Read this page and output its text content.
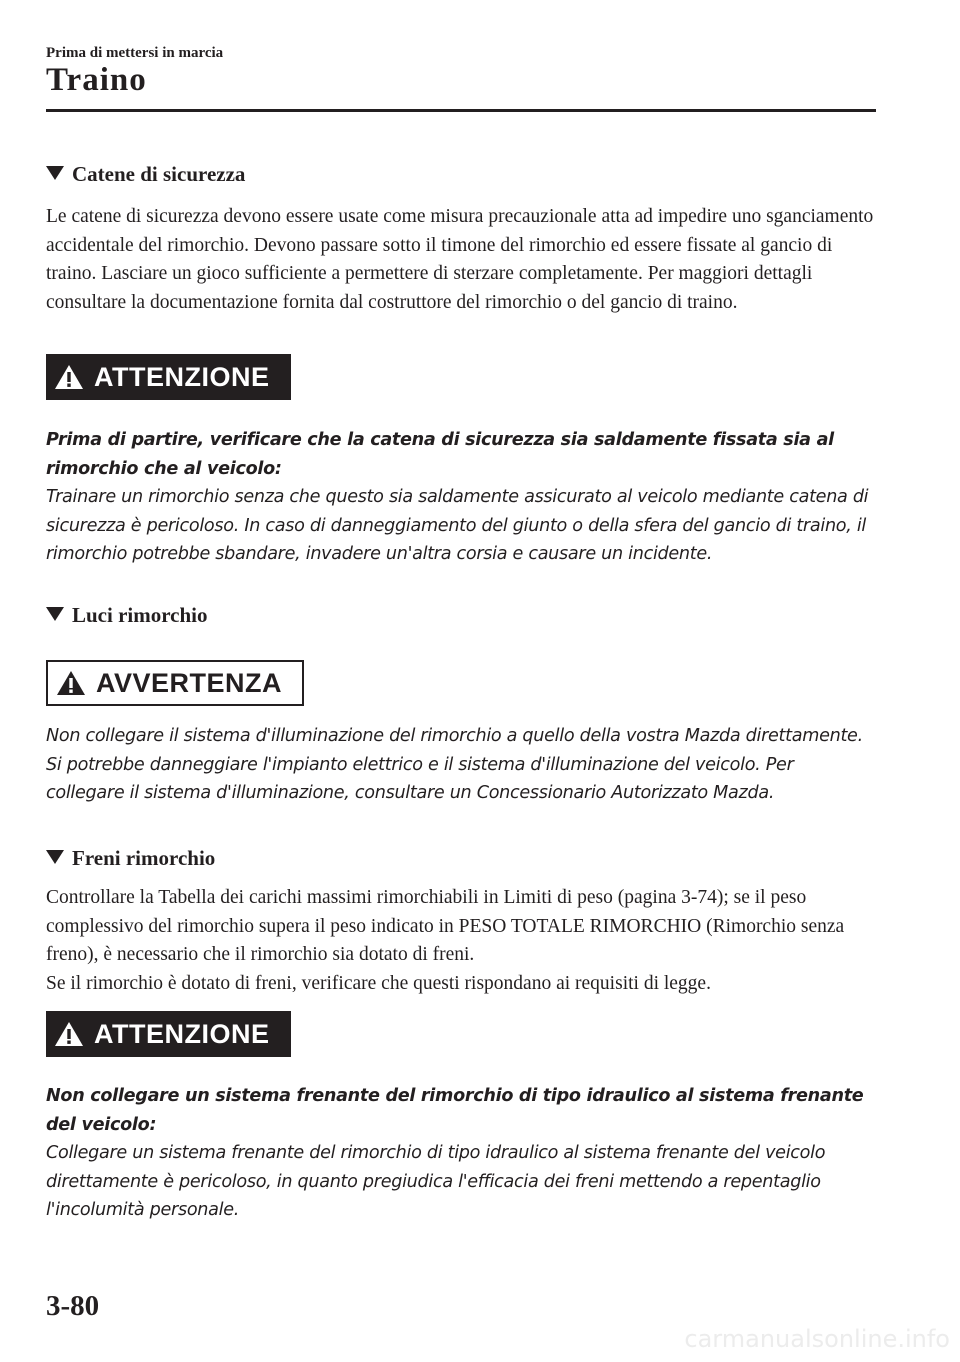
Prima di mettersi in marcia
Traino
Catene di sicurezza

Le catene di sicurezza devono essere usate come misura precauzionale atta ad impedire uno sganciamento accidentale del rimorchio. Devono passare sotto il timone del rimorchio ed essere fissate al gancio di traino. Lasciare un gioco sufficiente a permettere di sterzare completamente. Per maggiori dettagli consultare la documentazione fornita dal costruttore del rimorchio o del gancio di traino.

ATTENZIONE

Prima di partire, verificare che la catena di sicurezza sia saldamente fissata sia al rimorchio che al veicolo:

Trainare un rimorchio senza che questo sia saldamente assicurato al veicolo mediante catena di sicurezza è pericoloso. In caso di danneggiamento del giunto o della sfera del gancio di traino, il rimorchio potrebbe sbandare, invadere un'altra corsia e causare un incidente.

Luci rimorchio
AVVERTENZA

Non collegare il sistema d'illuminazione del rimorchio a quello della vostra Mazda direttamente. Si potrebbe danneggiare l'impianto elettrico e il sistema d'illuminazione del veicolo. Per collegare il sistema d'illuminazione, consultare un Concessionario Autorizzato Mazda.

Freni rimorchio

Controllare la Tabella dei carichi massimi rimorchiabili in Limiti di peso (pagina 3-74); se il peso complessivo del rimorchio supera il peso indicato in PESO TOTALE RIMORCHIO (Rimorchio senza freno), è necessario che il rimorchio sia dotato di freni.

Se il rimorchio è dotato di freni, verificare che questi rispondano ai requisiti di legge.

ATTENZIONE

Non collegare un sistema frenante del rimorchio di tipo idraulico al sistema frenante del veicolo:

Collegare un sistema frenante del rimorchio di tipo idraulico al sistema frenante del veicolo direttamente è pericoloso, in quanto pregiudica l'efficacia dei freni mettendo a repentaglio l'incolumità personale.

3-80
carmanualsonline.info
